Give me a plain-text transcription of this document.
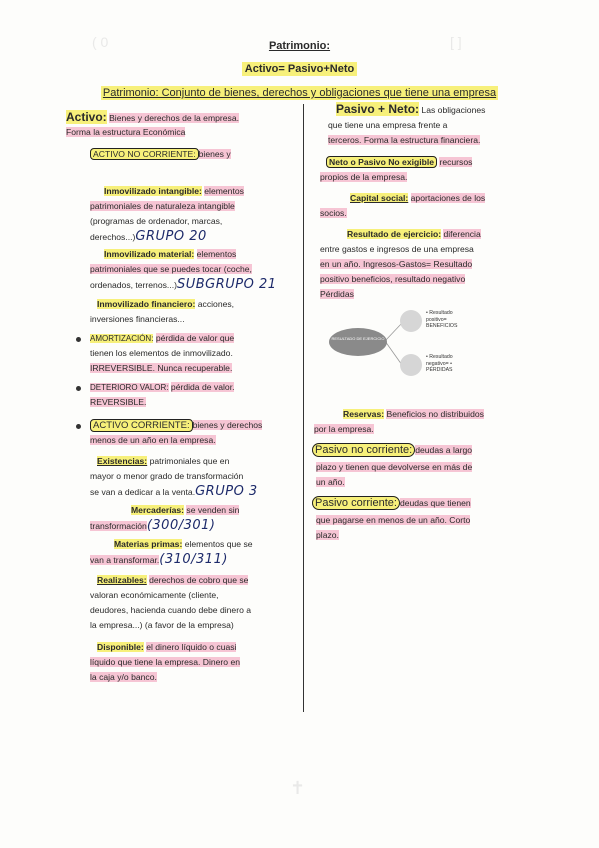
( 0	[ ]
✝
Patrimonio:
Activo= Pasivo+Neto
Patrimonio: Conjunto de bienes, derechos y obligaciones que tiene una empresa
Activo: Bienes y derechos de la empresa.
Forma la estructura Económica
ACTIVO NO CORRIENTE: bienes y
Inmovilizado intangible: elementos
patrimoniales de naturaleza intangible
(programas de ordenador, marcas,
derechos...)GRUPO 20
Inmovilizado material: elementos
patrimoniales que se puedes tocar (coche,
ordenados, terrenos...)SUBGRUPO 21
Inmovilizado financiero: acciones,
inversiones financieras...
AMORTIZACIÓN: pérdida de valor que
tienen los elementos de inmovilizado.
IRREVERSIBLE. Nunca recuperable.
DETERIORO VALOR: pérdida de valor.
REVERSIBLE.
ACTIVO CORRIENTE: bienes y derechos
menos de un año en la empresa.
Existencias: patrimoniales que en
mayor o menor grado de transformación
se van a dedicar a la venta.GRUPO 3
Mercaderías: se venden sin
transformación(300/301)
Materias primas: elementos que se
van a transformar.(310/311)
Realizables: derechos de cobro que se
valoran económicamente (cliente,
deudores, hacienda cuando debe dinero a
la empresa...) (a favor de la empresa)
Disponible: el dinero líquido o cuasi
líquido que tiene la empresa. Dinero en
la caja y/o banco.
Pasivo + Neto: Las obligaciones
que tiene una empresa frente a
terceros. Forma la estructura financiera.
Neto o Pasivo No exigible recursos
propios de la empresa.
Capital social: aportaciones de los
socios.
Resultado de ejercicio: diferencia
entre gastos e ingresos de una empresa
en un año. Ingresos-Gastos= Resultado
positivo beneficios, resultado negativo
Pérdidas
RESULTADO DE EJERCICIO
• Resultado positivo= BENEFICIOS
• Resultado negativo= • PÉRDIDAS
Reservas: Beneficios no distribuidos
por la empresa.
Pasivo no corriente: deudas a largo
plazo y tienen que devolverse en más de
un año.
Pasivo corriente: deudas que tienen
que pagarse en menos de un año. Corto
plazo.
